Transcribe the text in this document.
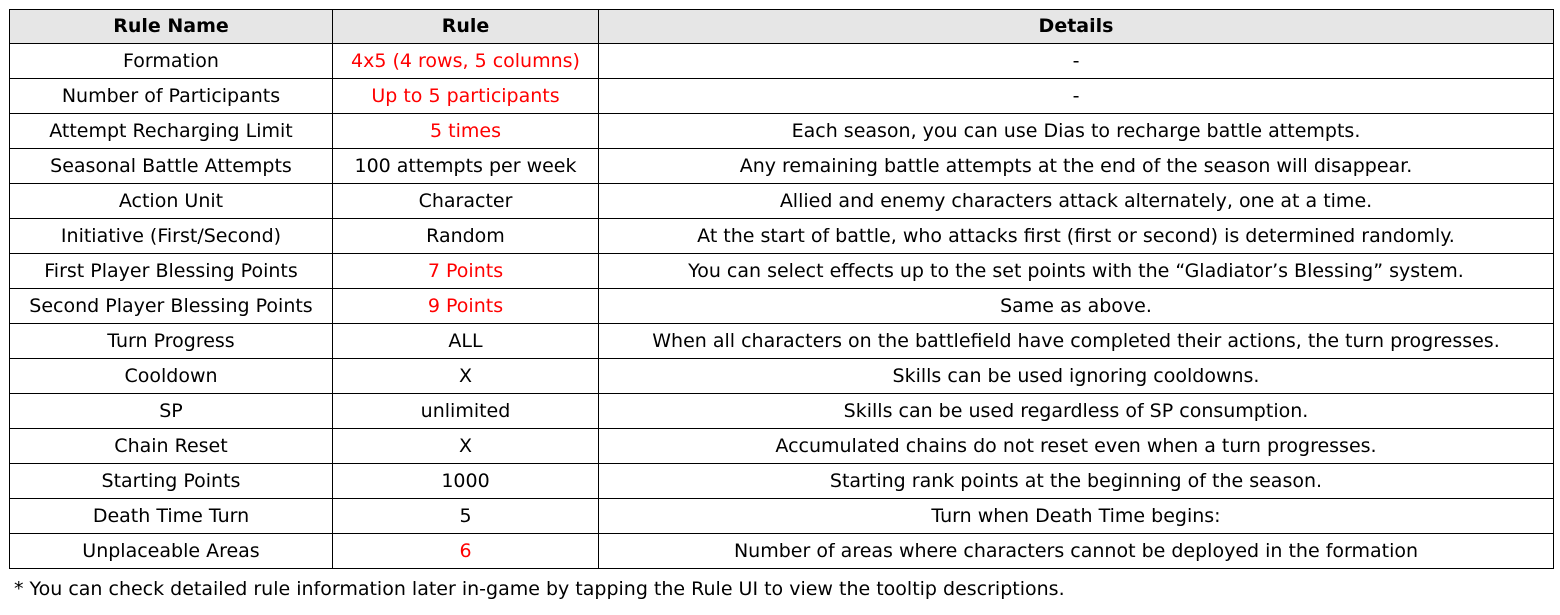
Rule Name	Rule	Details
Formation	4x5 (4 rows, 5 columns)	-
Number of Participants	Up to 5 participants	-
Attempt Recharging Limit	5 times	Each season, you can use Dias to recharge battle attempts.
Seasonal Battle Attempts	100 attempts per week	Any remaining battle attempts at the end of the season will disappear.
Action Unit	Character	Allied and enemy characters attack alternately, one at a time.
Initiative (First/Second)	Random	At the start of battle, who attacks first (first or second) is determined randomly.
First Player Blessing Points	7 Points	You can select effects up to the set points with the “Gladiator’s Blessing” system.
Second Player Blessing Points	9 Points	Same as above.
Turn Progress	ALL	When all characters on the battlefield have completed their actions, the turn progresses.
Cooldown	X	Skills can be used ignoring cooldowns.
SP	unlimited	Skills can be used regardless of SP consumption.
Chain Reset	X	Accumulated chains do not reset even when a turn progresses.
Starting Points	1000	Starting rank points at the beginning of the season.
Death Time Turn	5	Turn when Death Time begins:
Unplaceable Areas	6	Number of areas where characters cannot be deployed in the formation
* You can check detailed rule information later in-game by tapping the Rule UI to view the tooltip descriptions.
